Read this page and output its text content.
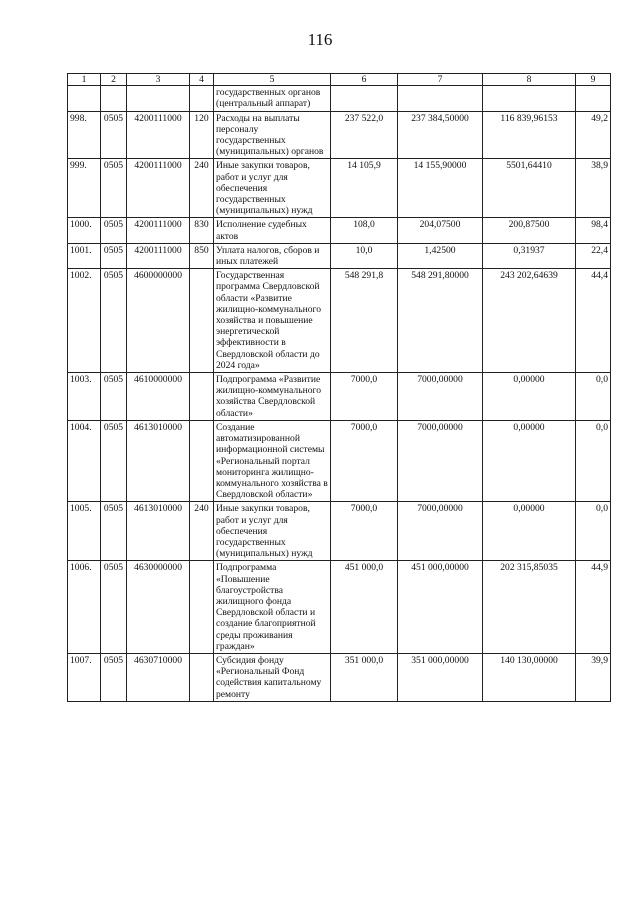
116
1	2	3	4	5	6	7	8	9
				государственных органов (центральный аппарат)				
998.	0505	4200111000	120	Расходы на выплаты персоналу государственных (муниципальных) органов	237 522,0	237 384,50000	116 839,96153	49,2
999.	0505	4200111000	240	Иные закупки товаров, работ и услуг для обеспечения государственных (муниципальных) нужд	14 105,9	14 155,90000	5501,64410	38,9
1000.	0505	4200111000	830	Исполнение судебных актов	108,0	204,07500	200,87500	98,4
1001.	0505	4200111000	850	Уплата налогов, сборов и иных платежей	10,0	1,42500	0,31937	22,4
1002.	0505	4600000000		Государственная программа Свердловской области «Развитие жилищно-коммунального хозяйства и повышение энергетической эффективности в Свердловской области до 2024 года»	548 291,8	548 291,80000	243 202,64639	44,4
1003.	0505	4610000000		Подпрограмма «Развитие жилищно-коммунального хозяйства Свердловской области»	7000,0	7000,00000	0,00000	0,0
1004.	0505	4613010000		Создание автоматизированной информационной системы «Региональный портал мониторинга жилищно-коммунального хозяйства в Свердловской области»	7000,0	7000,00000	0,00000	0,0
1005.	0505	4613010000	240	Иные закупки товаров, работ и услуг для обеспечения государственных (муниципальных) нужд	7000,0	7000,00000	0,00000	0,0
1006.	0505	4630000000		Подпрограмма «Повышение благоустройства жилищного фонда Свердловской области и создание благоприятной среды проживания граждан»	451 000,0	451 000,00000	202 315,85035	44,9
1007.	0505	4630710000		Субсидия фонду «Региональный Фонд содействия капитальному ремонту	351 000,0	351 000,00000	140 130,00000	39,9
